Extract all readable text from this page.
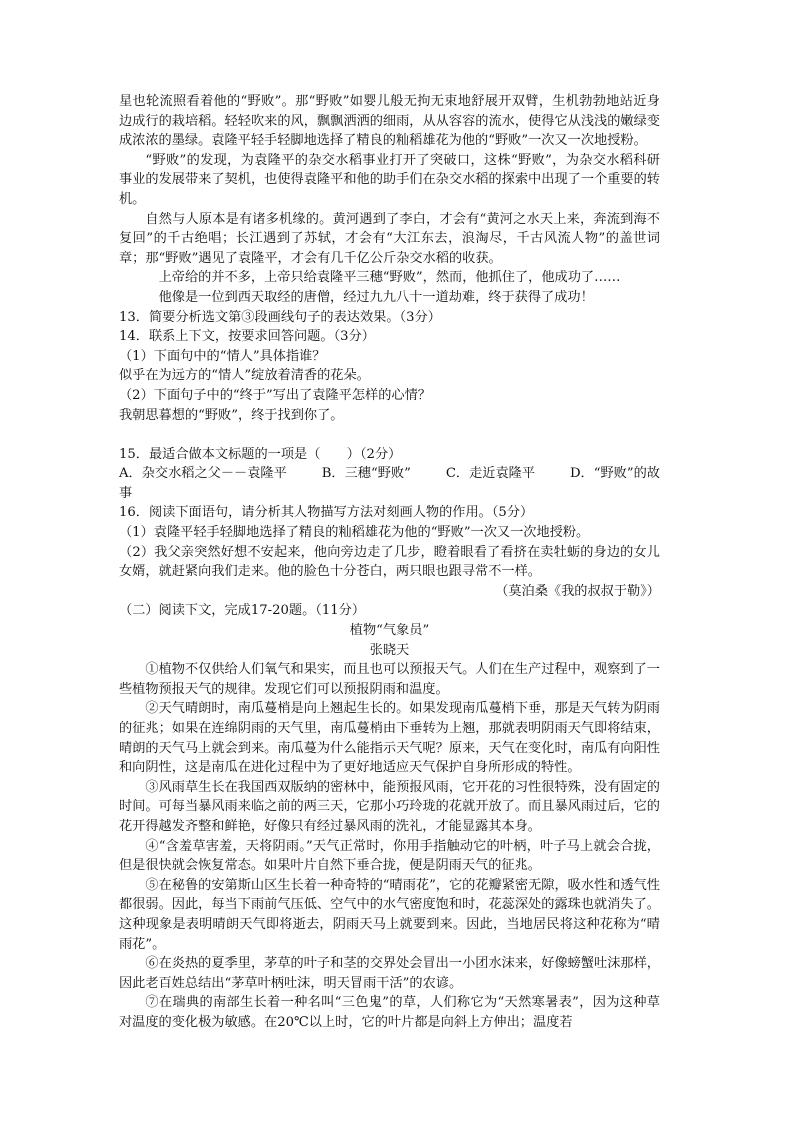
星也轮流照看着他的“野败”。那“野败”如婴儿般无拘无束地舒展开双臂，生机勃勃地站近身边成行的栽培稻。轻轻吹来的风，飘飘洒洒的细雨，从从容容的流水，使得它从浅浅的嫩绿变成浓浓的墨绿。袁隆平轻手轻脚地选择了精良的籼稻雄花为他的“野败”一次又一次地授粉。

“野败”的发现，为袁隆平的杂交水稻事业打开了突破口，这株“野败”，为杂交水稻科研事业的发展带来了契机，也使得袁隆平和他的助手们在杂交水稻的探索中出现了一个重要的转机。

自然与人原本是有诸多机缘的。黄河遇到了李白，才会有“黄河之水天上来，奔流到海不复回”的千古绝唱；长江遇到了苏轼，才会有“大江东去，浪淘尽，千古风流人物”的盖世词章；那“野败”遇见了袁隆平，才会有几千亿公斤杂交水稻的收获。

上帝给的并不多，上帝只给袁隆平三穗“野败”，然而，他抓住了，他成功了……

他像是一位到西天取经的唐僧，经过九九八十一道劫难，终于获得了成功！

13．简要分析选文第③段画线句子的表达效果。（3分）

14．联系上下文，按要求回答问题。（3分）

（1）下面句中的“情人”具体指谁？

似乎在为远方的“情人”绽放着清香的花朵。

（2）下面句子中的“终于”写出了袁隆平怎样的心情？

我朝思暮想的“野败”，终于找到你了。

15．最适合做本文标题的一项是（　　）（2分）

A．杂交水稻之父－－袁隆平	B．三穗“野败”	C．走近袁隆平	D．“野败”的故

事

16．阅读下面语句，请分析其人物描写方法对刻画人物的作用。（5分）

（1）袁隆平轻手轻脚地选择了精良的籼稻雄花为他的“野败”一次又一次地授粉。

（2）我父亲突然好想不安起来，他向旁边走了几步，瞪着眼看了看挤在卖牡蛎的身边的女儿女婿，就赶紧向我们走来。他的脸色十分苍白，两只眼也跟寻常不一样。

（莫泊桑《我的叔叔于勒》）

（二）阅读下文，完成17-20题。（11分）

植物“气象员”

张晓天

①植物不仅供给人们氧气和果实，而且也可以预报天气。人们在生产过程中，观察到了一些植物预报天气的规律。发现它们可以预报阴雨和温度。

②天气晴朗时，南瓜蔓梢是向上翘起生长的。如果发现南瓜蔓梢下垂，那是天气转为阴雨的征兆；如果在连绵阴雨的天气里，南瓜蔓梢由下垂转为上翘，那就表明阴雨天气即将结束，晴朗的天气马上就会到来。南瓜蔓为什么能指示天气呢？原来，天气在变化时，南瓜有向阳性和向阴性，这是南瓜在进化过程中为了更好地适应天气保护自身所形成的特性。

③风雨草生长在我国西双版纳的密林中，能预报风雨，它开花的习性很特殊，没有固定的时间。可每当暴风雨来临之前的两三天，它那小巧玲珑的花就开放了。而且暴风雨过后，它的花开得越发齐整和鲜艳，好像只有经过暴风雨的洗礼，才能显露其本身。

④“含羞草害羞，天将阴雨。”天气正常时，你用手指触动它的叶柄，叶子马上就会合拢，但是很快就会恢复常态。如果叶片自然下垂合拢，便是阴雨天气的征兆。

⑤在秘鲁的安第斯山区生长着一种奇特的“晴雨花”，它的花瓣紧密无隙，吸水性和透气性都很弱。因此，每当下雨前气压低、空气中的水气密度饱和时，花蕊深处的露珠也就消失了。这种现象是表明晴朗天气即将逝去，阴雨天马上就要到来。因此，当地居民将这种花称为“晴雨花”。

⑥在炎热的夏季里，茅草的叶子和茎的交界处会冒出一小团水沫来，好像螃蟹吐沫那样，因此老百姓总结出“茅草叶柄吐沫，明天冒雨干活”的农谚。

⑦在瑞典的南部生长着一种名叫“三色鬼”的草，人们称它为“天然寒暑表”，因为这种草对温度的变化极为敏感。在20℃以上时，它的叶片都是向斜上方伸出；温度若
